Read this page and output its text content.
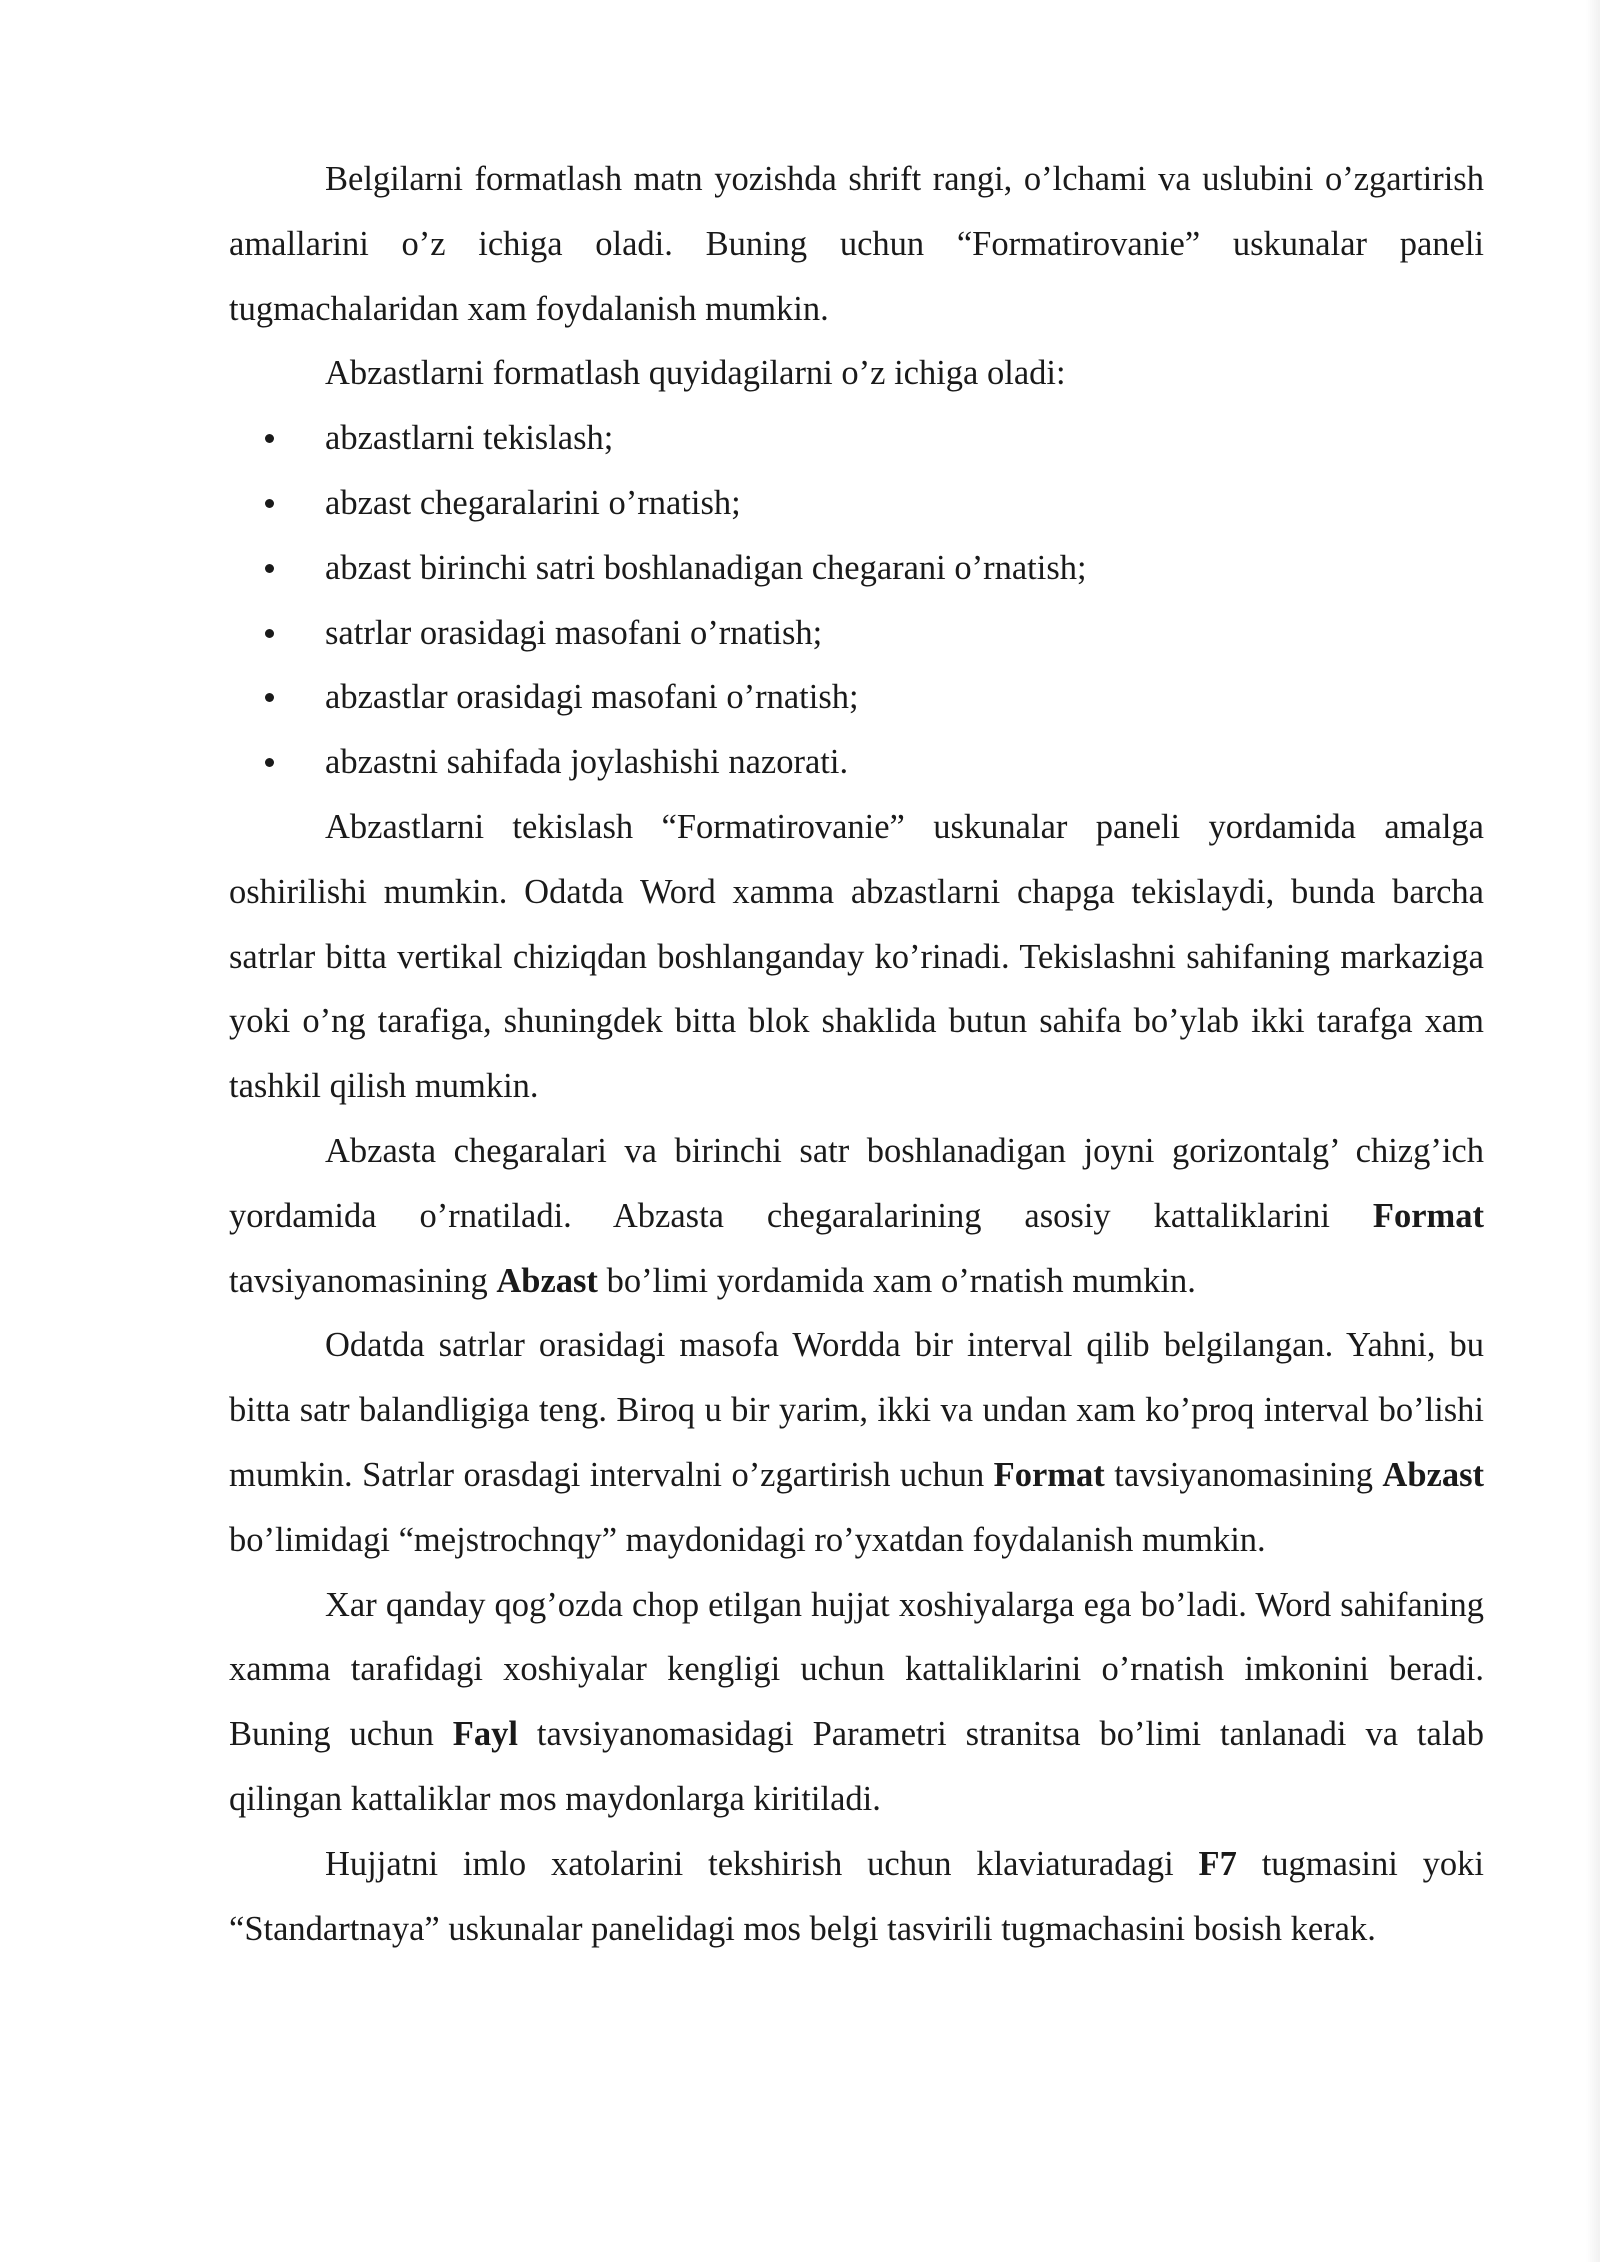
Belgilarni formatlash matn yozishda shrift rangi, o’lchami va uslubini o’zgartirish amallarini o’z ichiga oladi. Buning uchun “Formatirovanie” uskunalar paneli tugmachalaridan xam foydalanish mumkin.

Abzastlarni formatlash quyidagilarni o’z ichiga oladi:

abzastlarni tekislash;
abzast chegaralarini o’rnatish;
abzast birinchi satri boshlanadigan chegarani o’rnatish;
satrlar orasidagi masofani o’rnatish;
abzastlar orasidagi masofani o’rnatish;
abzastni sahifada joylashishi nazorati.

Abzastlarni tekislash “Formatirovanie” uskunalar paneli yordamida amalga oshirilishi mumkin. Odatda Word xamma abzastlarni chapga tekislaydi, bunda barcha satrlar bitta vertikal chiziqdan boshlanganday ko’rinadi. Tekislashni sahifaning markaziga yoki o’ng tarafiga, shuningdek bitta blok shaklida butun sahifa bo’ylab ikki tarafga xam tashkil qilish mumkin.

Abzasta chegaralari va birinchi satr boshlanadigan joyni gorizontalg’ chizg’ich yordamida o’rnatiladi. Abzasta chegaralarining asosiy kattaliklarini Format tavsiyanomasining Abzast bo’limi yordamida xam o’rnatish mumkin.

Odatda satrlar orasidagi masofa Wordda bir interval qilib belgilangan. Yahni, bu bitta satr balandligiga teng. Biroq u bir yarim, ikki va undan xam ko’proq interval bo’lishi mumkin. Satrlar orasdagi intervalni o’zgartirish uchun Format tavsiyanomasining Abzast bo’limidagi “mejstrochnqy” maydonidagi ro’yxatdan foydalanish mumkin.

Xar qanday qog’ozda chop etilgan hujjat xoshiyalarga ega bo’ladi. Word sahifaning xamma tarafidagi xoshiyalar kengligi uchun kattaliklarini o’rnatish imkonini beradi. Buning uchun Fayl tavsiyanomasidagi Parametri stranitsa bo’limi tanlanadi va talab qilingan kattaliklar mos maydonlarga kiritiladi.

Hujjatni imlo xatolarini tekshirish uchun klaviaturadagi F7 tugmasini yoki “Standartnaya” uskunalar panelidagi mos belgi tasvirili tugmachasini bosish kerak.
